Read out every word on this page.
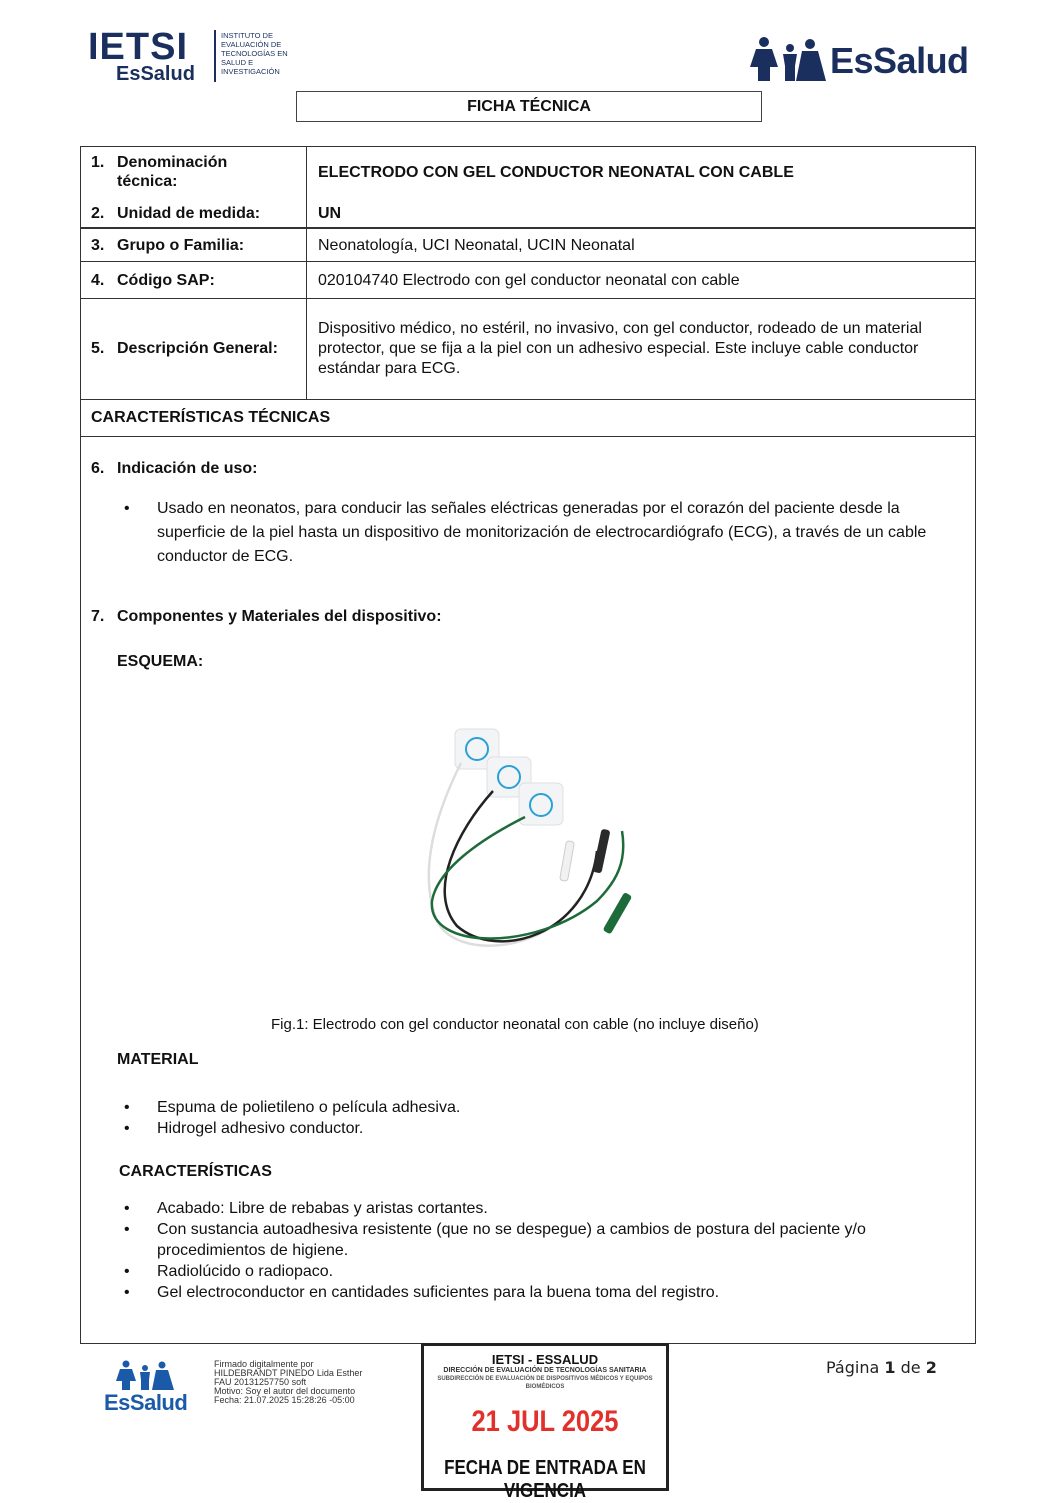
IETSI
EsSalud
INSTITUTO DE
EVALUACIÓN DE
TECNOLOGÍAS EN
SALUD E
INVESTIGACIÓN	EsSalud
FICHA TÉCNICA
1. Denominación
técnica:
ELECTRODO CON GEL CONDUCTOR NEONATAL CON CABLE
2. Unidad de medida:	UN
3. Grupo o Familia:	Neonatología, UCI Neonatal, UCIN Neonatal
4. Código SAP:	020104740 Electrodo con gel conductor neonatal con cable
5. Descripción General:
Dispositivo médico, no estéril, no invasivo, con gel conductor, rodeado de un material protector, que se fija a la piel con un adhesivo especial. Este incluye cable conductor estándar para ECG.
CARACTERÍSTICAS TÉCNICAS
6. Indicación de uso:
• Usado en neonatos, para conducir las señales eléctricas generadas por el corazón del paciente desde la superficie de la piel hasta un dispositivo de monitorización de electrocardiógrafo (ECG), a través de un cable conductor de ECG.
7. Componentes y Materiales del dispositivo:
ESQUEMA:
Fig.1: Electrodo con gel conductor neonatal con cable (no incluye diseño)
MATERIAL
• Espuma de polietileno o película adhesiva.
• Hidrogel adhesivo conductor.
CARACTERÍSTICAS
• Acabado: Libre de rebabas y aristas cortantes.
• Con sustancia autoadhesiva resistente (que no se despegue) a cambios de postura del paciente y/o procedimientos de higiene.
• Radiolúcido o radiopaco.
• Gel electroconductor en cantidades suficientes para la buena toma del registro.
EsSalud
Firmado digitalmente por
HILDEBRANDT PINEDO Lida Esther
FAU 20131257750 soft
Motivo: Soy el autor del documento
Fecha: 21.07.2025 15:28:26 -05:00
IETSI - ESSALUD
DIRECCIÓN DE EVALUACIÓN DE TECNOLOGÍAS SANITARIA
SUBDIRECCIÓN DE EVALUACIÓN DE DISPOSITIVOS MÉDICOS Y EQUIPOS BIOMÉDICOS
21 JUL 2025
FECHA DE ENTRADA EN VIGENCIA
Página 1 de 2
